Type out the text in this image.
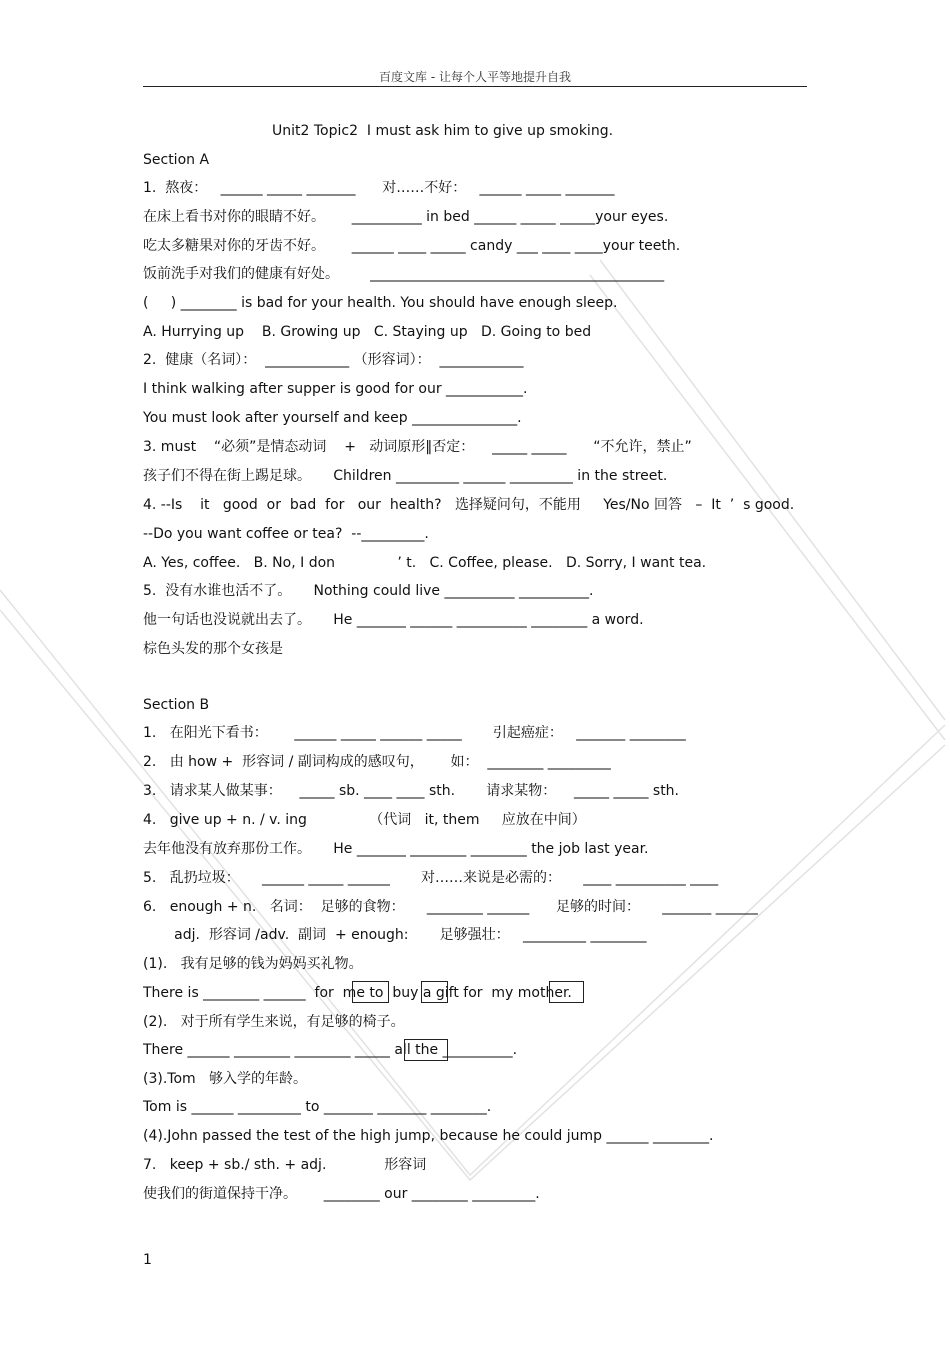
百度文库 - 让每个人平等地提升自我
Unit2 Topic2  I must ask him to give up smoking.
Section A
1.  熬夜：   ______ _____ _______      对……不好：   ______ _____ _______
在床上看书对你的眼睛不好。      __________ in bed ______ _____ _____your eyes.
吃太多糖果对你的牙齿不好。      ______ ____ _____ candy ___ ____ ____your teeth.
饭前洗手对我们的健康有好处。       __________________________________________
(     ) ________ is bad for your health. You should have enough sleep.
A. Hurrying up    B. Growing up   C. Staying up   D. Going to bed
2.  健康（名词）：  ____________ （形容词）：  ____________
I think walking after supper is good for our ___________.
You must look after yourself and keep _______________.
3. must    “必须”是情态动词    +   动词原形‖否定：    _____ _____      “不允许，禁止”
孩子们不得在街上踢足球。     Children _________ ______ _________ in the street.
4. --Is    it   good  or  bad  for   our  health?   选择疑问句，不能用     Yes/No 回答   –  It  ’  s good.
--Do you want coffee or tea?  --_________.
A. Yes, coffee.   B. No, I don              ’ t.   C. Coffee, please.   D. Sorry, I want tea.
5.  没有水谁也活不了。     Nothing could live __________ __________.
他一句话也没说就出去了。     He _______ ______ __________ ________ a word.
棕色头发的那个女孩是
Section B
1.   在阳光下看书：      ______ _____ ______ _____       引起癌症：   _______ ________
2.   由 how +  形容词 / 副词构成的感叹句，      如：  ________ _________
3.   请求某人做某事：    _____ sb. ____ ____ sth.       请求某物：    _____ _____ sth.
4.   give up + n. / v. ing              （代词   it, them     应放在中间）
去年他没有放弃那份工作。     He _______ ________ ________ the job last year.
5.   乱扔垃圾：     ______ _____ ______       对……来说是必需的：     ____ __________ ____
6.   enough + n.   名词：  足够的食物：     ________ ______      足够的时间：     _______ ______
adj.  形容词 /adv.  副词  + enough:       足够强壮：   _________ ________
(1).   我有足够的钱为妈妈买礼物。
There is ________ ______  for  me to  buy a gift for  my mother.
(2).   对于所有学生来说，有足够的椅子。
There ______ ________ ________ _____ all the __________.
(3).Tom   够入学的年龄。
Tom is ______ _________ to _______ _______ ________.
(4).John passed the test of the high jump, because he could jump ______ ________.
7.   keep + sb./ sth. + adj.             形容词
使我们的街道保持干净。      ________ our ________ _________.
1
